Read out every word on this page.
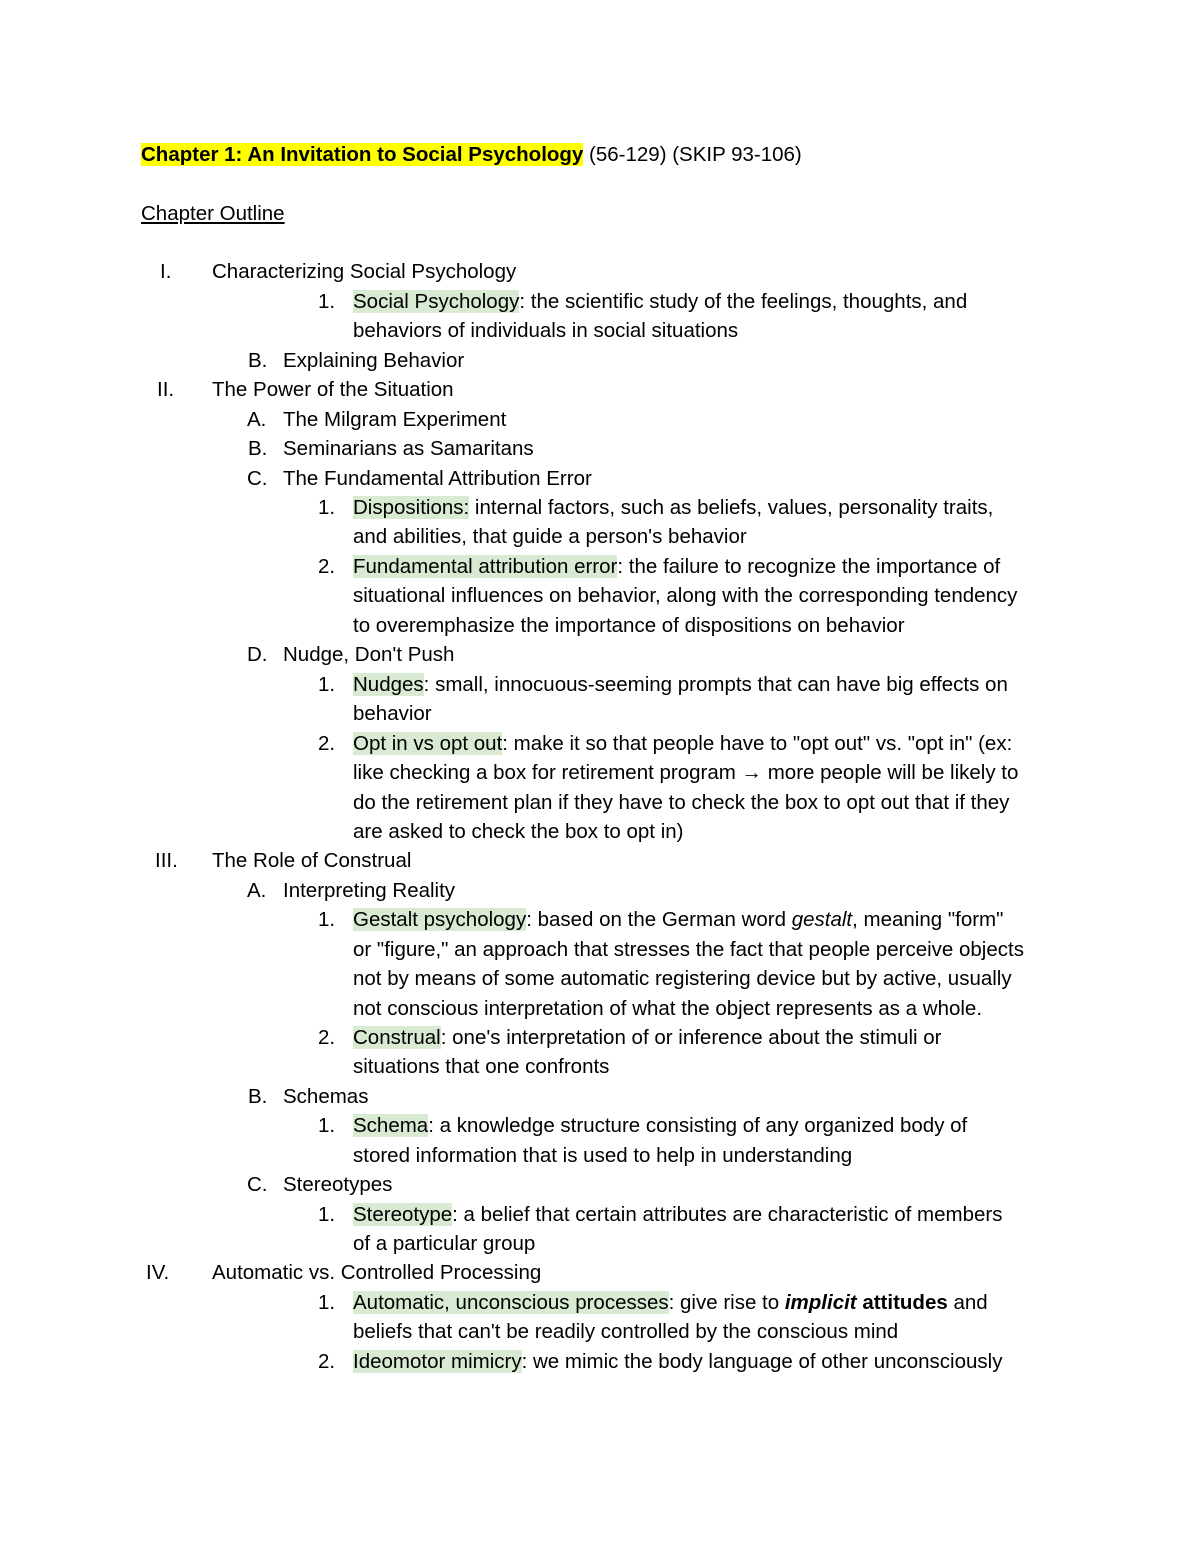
Chapter 1: An Invitation to Social Psychology (56-129) (SKIP 93-106)
Chapter Outline
I. Characterizing Social Psychology
1. Social Psychology: the scientific study of the feelings, thoughts, and
behaviors of individuals in social situations
B. Explaining Behavior
II. The Power of the Situation
A. The Milgram Experiment
B. Seminarians as Samaritans
C. The Fundamental Attribution Error
1. Dispositions: internal factors, such as beliefs, values, personality traits,
and abilities, that guide a person's behavior
2. Fundamental attribution error: the failure to recognize the importance of
situational influences on behavior, along with the corresponding tendency
to overemphasize the importance of dispositions on behavior
D. Nudge, Don't Push
1. Nudges: small, innocuous-seeming prompts that can have big effects on
behavior
2. Opt in vs opt out: make it so that people have to "opt out" vs. "opt in" (ex:
like checking a box for retirement program → more people will be likely to
do the retirement plan if they have to check the box to opt out that if they
are asked to check the box to opt in)
III. The Role of Construal
A. Interpreting Reality
1. Gestalt psychology: based on the German word gestalt, meaning "form"
or "figure," an approach that stresses the fact that people perceive objects
not by means of some automatic registering device but by active, usually
not conscious interpretation of what the object represents as a whole.
2. Construal: one's interpretation of or inference about the stimuli or
situations that one confronts
B. Schemas
1. Schema: a knowledge structure consisting of any organized body of
stored information that is used to help in understanding
C. Stereotypes
1. Stereotype: a belief that certain attributes are characteristic of members
of a particular group
IV. Automatic vs. Controlled Processing
1. Automatic, unconscious processes: give rise to implicit attitudes and
beliefs that can't be readily controlled by the conscious mind
2. Ideomotor mimicry: we mimic the body language of other unconsciously
